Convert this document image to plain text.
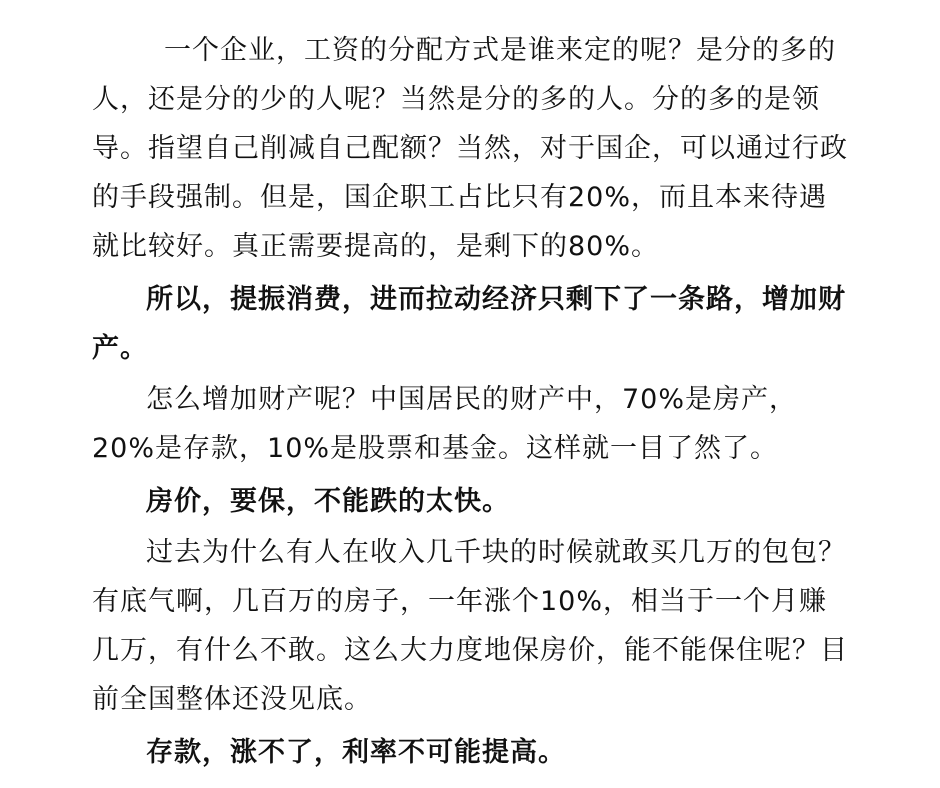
一个企业，工资的分配方式是谁来定的呢？是分的多的
人，还是分的少的人呢？当然是分的多的人。分的多的是领
导。指望自己削减自己配额？当然，对于国企，可以通过行政
的手段强制。但是，国企职工占比只有20%，而且本来待遇
就比较好。真正需要提高的，是剩下的80%。

所以，提振消费，进而拉动经济只剩下了一条路，增加财
产。

怎么增加财产呢？中国居民的财产中，70%是房产，
20%是存款，10%是股票和基金。这样就一目了然了。

房价，要保，不能跌的太快。

过去为什么有人在收入几千块的时候就敢买几万的包包？
有底气啊，几百万的房子，一年涨个10%，相当于一个月赚
几万，有什么不敢。这么大力度地保房价，能不能保住呢？目
前全国整体还没见底。

存款，涨不了，利率不可能提高。
